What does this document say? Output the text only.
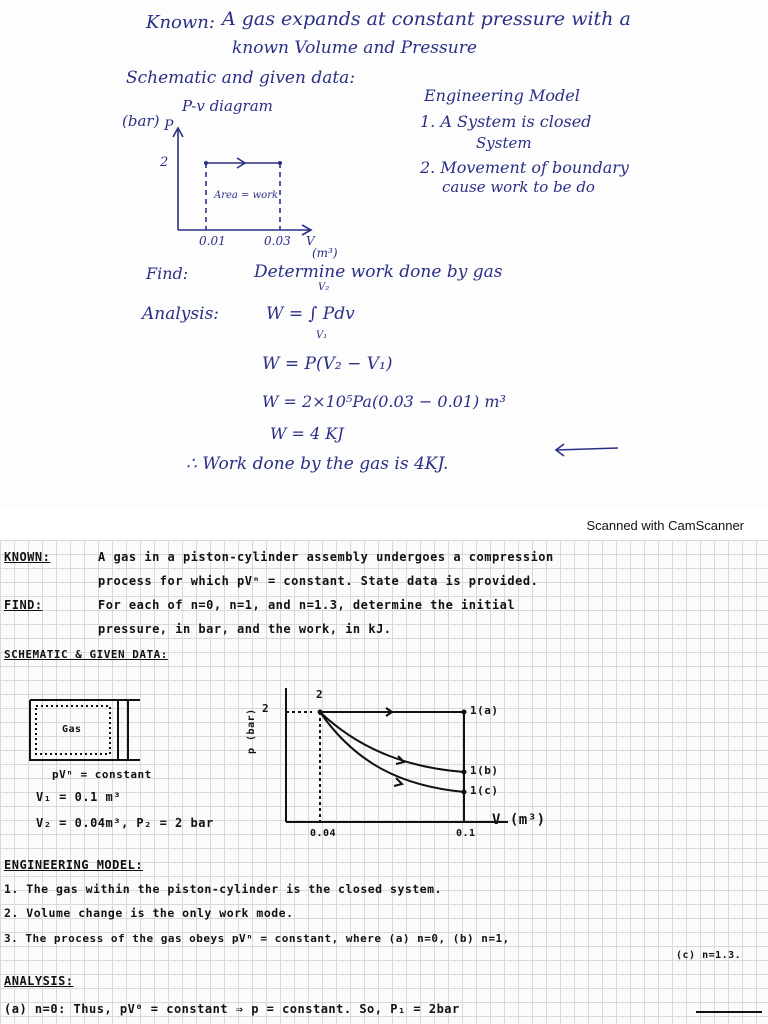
Known: A gas expands at constant pressure with a
known Volume and Pressure
Schematic and given data:
P-v diagram
(bar) P
2
Area = work
0.01	0.03 V
(m³)
Engineering Model
1. A System is closed
System
2. Movement of boundary
cause work to be do
Find:	Determine work done by gas
Analysis:
V₂
W = ∫ Pdv
V₁
W = P(V₂ − V₁)
W = 2×10⁵Pa(0.03 − 0.01) m³
W = 4 KJ
∴ Work done by the gas is 4KJ.
Scanned with CamScanner
KNOWN:	A gas in a piston-cylinder assembly undergoes a compression
process for which pVⁿ = constant. State data is provided.
FIND:	For each of n=0, n=1, and n=1.3, determine the initial
pressure, in bar, and the work, in kJ.
SCHEMATIC & GIVEN DATA:
Gas
pVⁿ = constant
V₁ = 0.1 m³
V₂ = 0.04m³, P₂ = 2 bar
2
2
p (bar)	1(a)
1(b)
1(c)
0.04	0.1
V (m³)
ENGINEERING MODEL:
1. The gas within the piston-cylinder is the closed system.
2. Volume change is the only work mode.
3. The process of the gas obeys pVⁿ = constant, where (a) n=0, (b) n=1,
(c) n=1.3.
ANALYSIS:
(a) n=0: Thus, pV⁰ = constant ⇒ p = constant. So, P₁ = 2bar
